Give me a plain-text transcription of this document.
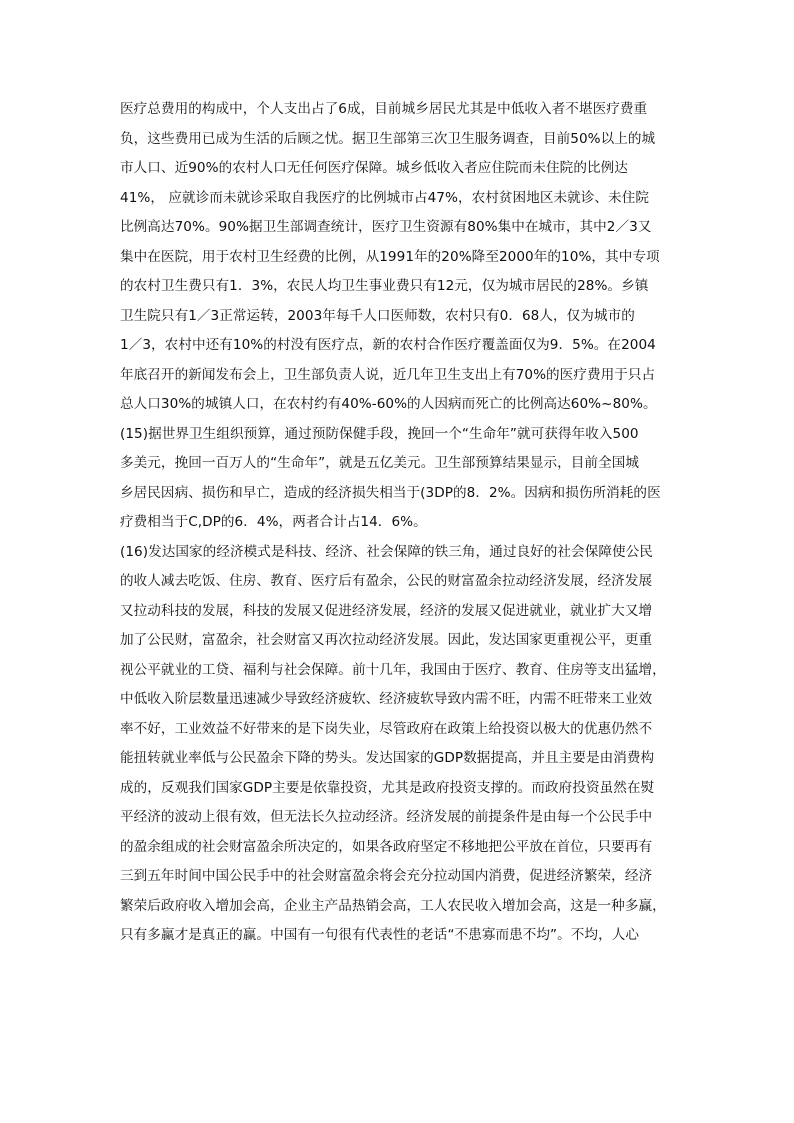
医疗总费用的构成中，个人支出占了6成，目前城乡居民尤其是中低收入者不堪医疗费重
负，这些费用已成为生活的后顾之忧。据卫生部第三次卫生服务调查，目前50%以上的城
市人口、近90%的农村人口无任何医疗保障。城乡低收入者应住院而未住院的比例达
41%， 应就诊而未就诊采取自我医疗的比例城市占47%，农村贫困地区未就诊、未住院
比例高达70%。90%据卫生部调查统计，医疗卫生资源有80%集中在城市，其中2／3又
集中在医院，用于农村卫生经费的比例，从1991年的20%降至2000年的10%，其中专项
的农村卫生费只有1．3%，农民人均卫生事业费只有12元，仅为城市居民的28%。乡镇
卫生院只有1／3正常运转，2003年每千人口医师数，农村只有0．68人，仅为城市的
1／3，农村中还有10%的村没有医疗点，新的农村合作医疗覆盖面仅为9．5%。在2004
年底召开的新闻发布会上，卫生部负责人说，近几年卫生支出上有70%的医疗费用于只占
总人口30%的城镇人口，在农村约有40%-60%的人因病而死亡的比例高达60%~80%。
(15)据世界卫生组织预算，通过预防保健手段，挽回一个“生命年”就可获得年收入500
多美元，挽回一百万人的“生命年”，就是五亿美元。卫生部预算结果显示，目前全国城
乡居民因病、损伤和早亡，造成的经济损失相当于(3DP的8．2%。因病和损伤所消耗的医
疗费相当于C,DP的6．4%，两者合计占14．6%。
(16)发达国家的经济模式是科技、经济、社会保障的铁三角，通过良好的社会保障使公民
的收人减去吃饭、住房、教育、医疗后有盈余，公民的财富盈余拉动经济发展，经济发展
又拉动科技的发展，科技的发展又促进经济发展，经济的发展又促进就业，就业扩大又增
加了公民财，富盈余，社会财富又再次拉动经济发展。因此，发达国家更重视公平，更重
视公平就业的工贷、福利与社会保障。前十几年，我国由于医疗、教育、住房等支出猛增，
中低收入阶层数量迅速减少导致经济疲软、经济疲软导致内需不旺，内需不旺带来工业效
率不好，工业效益不好带来的是下岗失业，尽管政府在政策上给投资以极大的优惠仍然不
能扭转就业率低与公民盈余下降的势头。发达国家的GDP数据提高，并且主要是由消费构
成的，反观我们国家GDP主要是依靠投资，尤其是政府投资支撑的。而政府投资虽然在熨
平经济的波动上很有效，但无法长久拉动经济。经济发展的前提条件是由每一个公民手中
的盈余组成的社会财富盈余所决定的，如果各政府坚定不移地把公平放在首位，只要再有
三到五年时间中国公民手中的社会财富盈余将会充分拉动国内消费，促进经济繁荣，经济
繁荣后政府收入增加会高，企业主产品热销会高，工人农民收入增加会高，这是一种多赢，
只有多赢才是真正的赢。中国有一句很有代表性的老话“不患寡而患不均”。不均，人心
